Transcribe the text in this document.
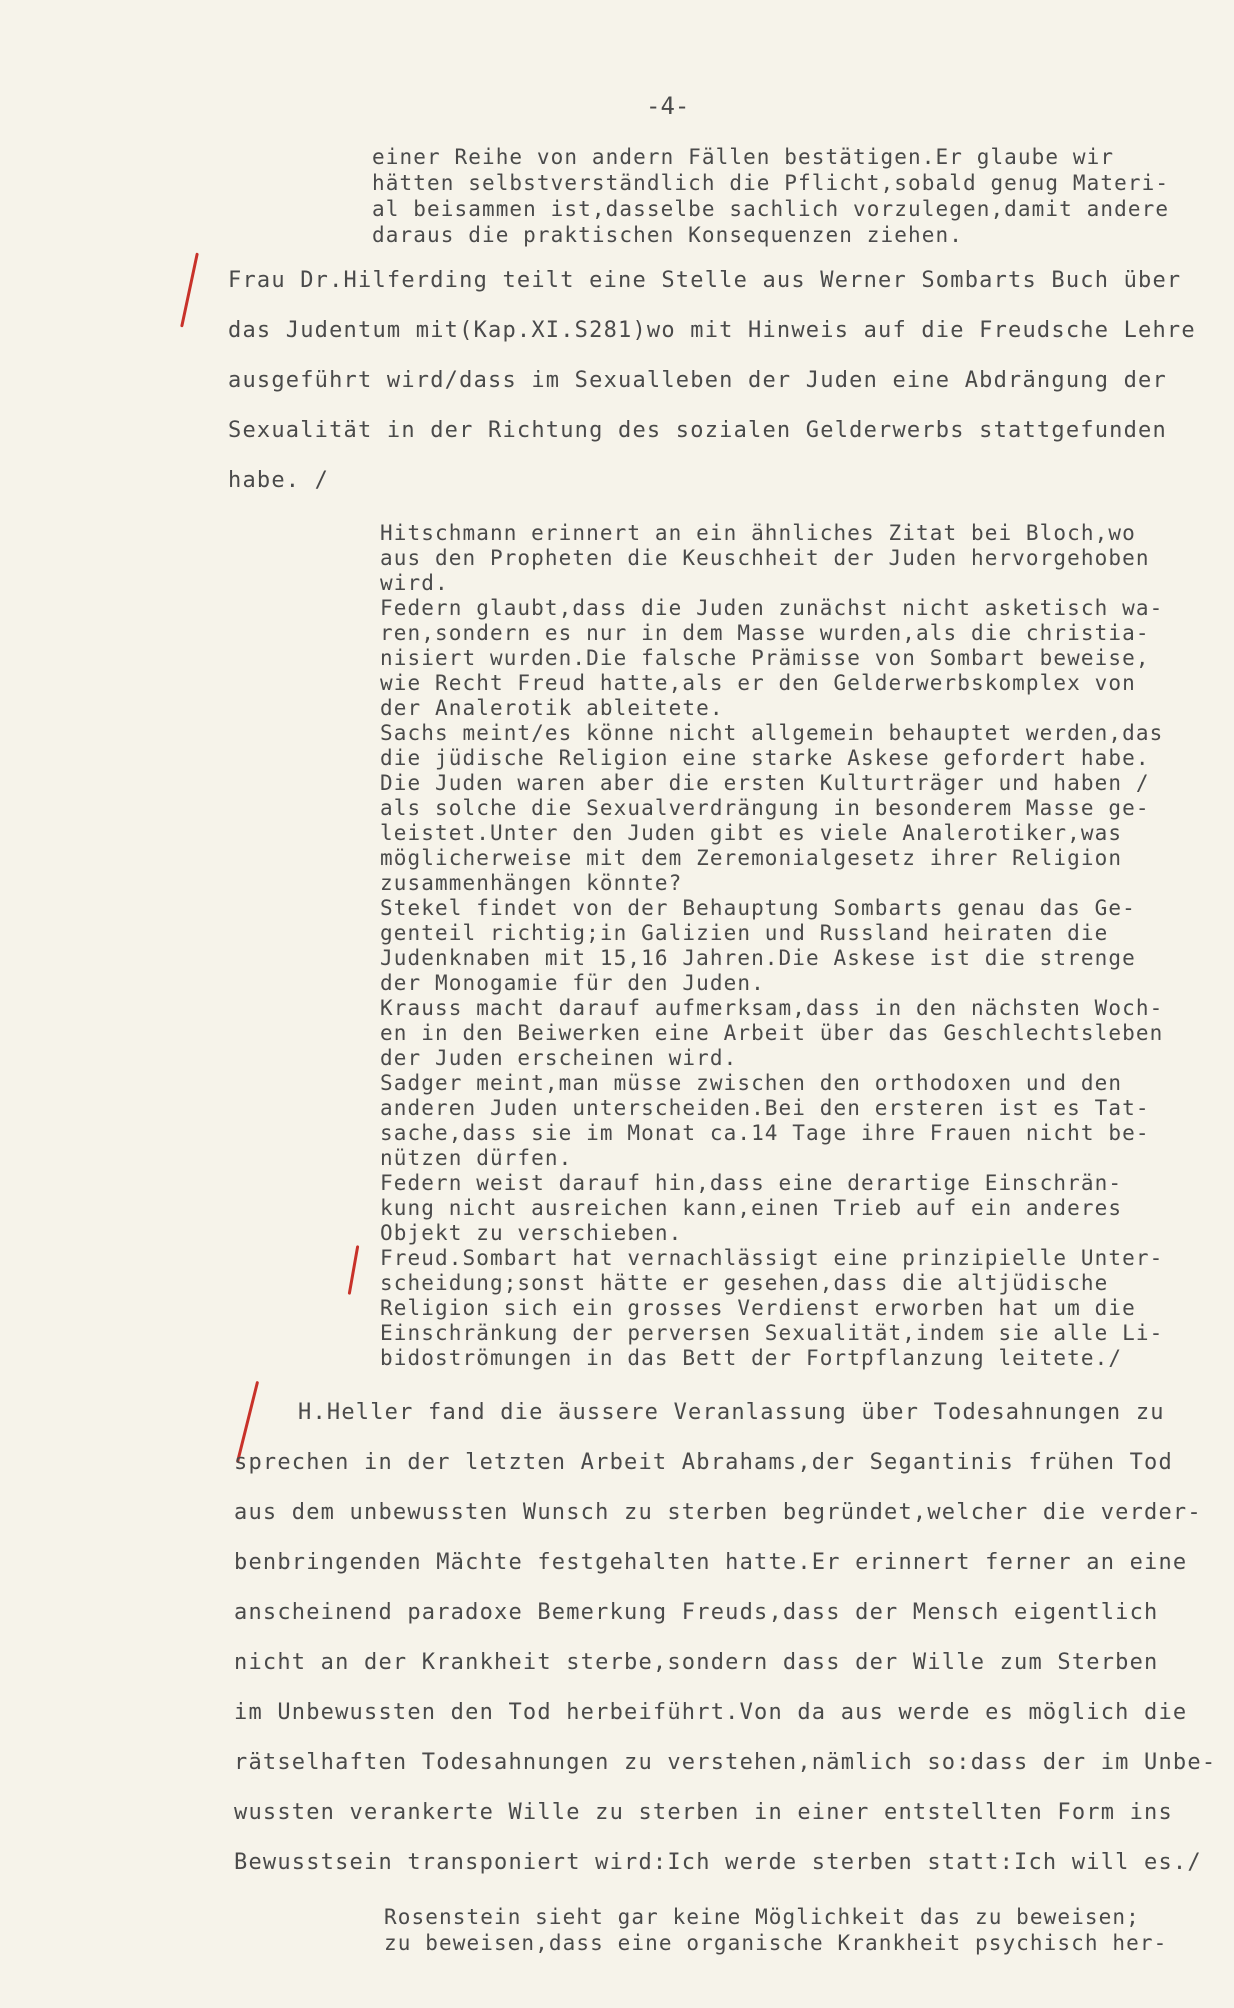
-4-
einer Reihe von andern Fällen bestätigen.Er glaube wir
hätten selbstverständlich die Pflicht,sobald genug Materi-
al beisammen ist,dasselbe sachlich vorzulegen,damit andere
daraus die praktischen Konsequenzen ziehen.
Frau Dr.Hilferding teilt eine Stelle aus Werner Sombarts Buch über
das Judentum mit(Kap.XI.S281)wo mit Hinweis auf die Freudsche Lehre
ausgeführt wird/dass im Sexualleben der Juden eine Abdrängung der
Sexualität in der Richtung des sozialen Gelderwerbs stattgefunden
habe. /
Hitschmann erinnert an ein ähnliches Zitat bei Bloch,wo
aus den Propheten die Keuschheit der Juden hervorgehoben
wird.
Federn glaubt,dass die Juden zunächst nicht asketisch wa-
ren,sondern es nur in dem Masse wurden,als die christia-
nisiert wurden.Die falsche Prämisse von Sombart beweise,
wie Recht Freud hatte,als er den Gelderwerbskomplex von
der Analerotik ableitete.
Sachs meint/es könne nicht allgemein behauptet werden,das
die jüdische Religion eine starke Askese gefordert habe.
Die Juden waren aber die ersten Kulturträger und haben /
als solche die Sexualverdrängung in besonderem Masse ge-
leistet.Unter den Juden gibt es viele Analerotiker,was
möglicherweise mit dem Zeremonialgesetz ihrer Religion
zusammenhängen könnte?
Stekel findet von der Behauptung Sombarts genau das Ge-
genteil richtig;in Galizien und Russland heiraten die
Judenknaben mit 15,16 Jahren.Die Askese ist die strenge
der Monogamie für den Juden.
Krauss macht darauf aufmerksam,dass in den nächsten Woch-
en in den Beiwerken eine Arbeit über das Geschlechtsleben
der Juden erscheinen wird.
Sadger meint,man müsse zwischen den orthodoxen und den
anderen Juden unterscheiden.Bei den ersteren ist es Tat-
sache,dass sie im Monat ca.14 Tage ihre Frauen nicht be-
nützen dürfen.
Federn weist darauf hin,dass eine derartige Einschrän-
kung nicht ausreichen kann,einen Trieb auf ein anderes
Objekt zu verschieben.
Freud.Sombart hat vernachlässigt eine prinzipielle Unter-
scheidung;sonst hätte er gesehen,dass die altjüdische
Religion sich ein grosses Verdienst erworben hat um die
Einschränkung der perversen Sexualität,indem sie alle Li-
bidoströmungen in das Bett der Fortpflanzung leitete./
H.Heller fand die äussere Veranlassung über Todesahnungen zu
sprechen in der letzten Arbeit Abrahams,der Segantinis frühen Tod
aus dem unbewussten Wunsch zu sterben begründet,welcher die verder-
benbringenden Mächte festgehalten hatte.Er erinnert ferner an eine
anscheinend paradoxe Bemerkung Freuds,dass der Mensch eigentlich
nicht an der Krankheit sterbe,sondern dass der Wille zum Sterben
im Unbewussten den Tod herbeiführt.Von da aus werde es möglich die
rätselhaften Todesahnungen zu verstehen,nämlich so:dass der im Unbe-
wussten verankerte Wille zu sterben in einer entstellten Form ins
Bewusstsein transponiert wird:Ich werde sterben statt:Ich will es./
Rosenstein sieht gar keine Möglichkeit das zu beweisen;
zu beweisen,dass eine organische Krankheit psychisch her-
